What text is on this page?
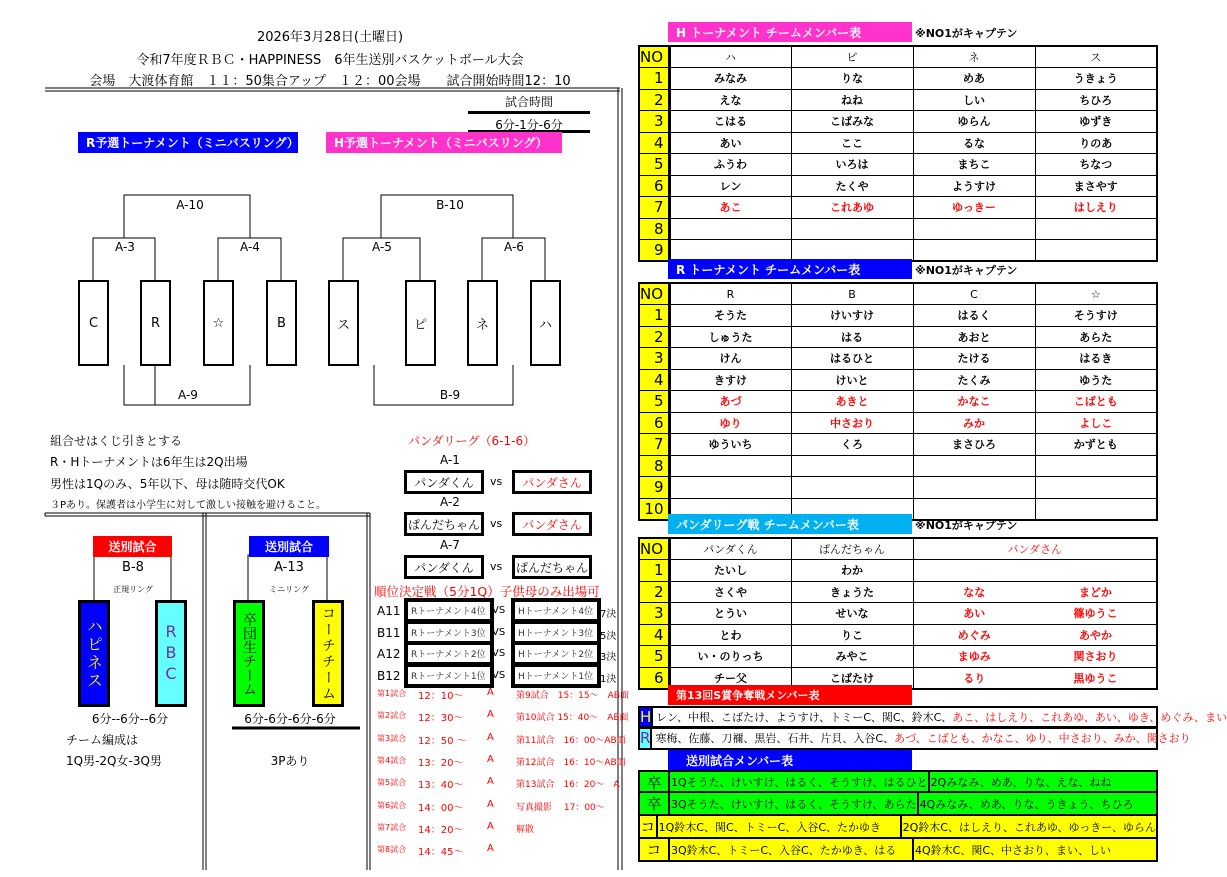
2026年3月28日(土曜日)
令和7年度ＲＢＣ・HAPPINESS　6年生送別バスケットボール大会
会場　大渡体育館　１１：50集合アップ　１２：00会場　　試合開始時間12：10
試合時間
6分-1分-6分
R予選トーナメント（ミニバスリング）
A-10
A-3	A-4
A-9
C	R	☆	B
H予選トーナメント（ミニバスリング）
B-10
A-5	A-6
B-9
ス	ピ	ネ	ハ
組合せはくじ引きとする
R・Hトーナメントは6年生は2Q出場
男性は1Qのみ、5年以下、母は随時交代OK
３Pあり。保護者は小学生に対して激しい接触を避けること。
送別試合
B-8
正規リング
ハピネス	RBC
6分--6分--6分
チーム編成は
1Q男-2Q女-3Q男
送別試合
A-13
ミニリング
卒団生チーム	コーチチーム
6分-6分-6分-6分
3Pあり
パンダリーグ（6-1-6）
A-1
パンダくん	vs	パンダさん
A-2
ぱんだちゃん vs	パンダさん
A-7
パンダくん	vs	ぱんだちゃん
順位決定戦（5分1Q）子供母のみ出場可
A11	Rトーナメント4位 VS	Hトーナメント4位 7決
B11	Rトーナメント3位 VS	Hトーナメント3位 5決
A12	Rトーナメント2位 VS	Hトーナメント2位 3決
B12	Rトーナメント1位 VS	Hトーナメント1位 1決
第1試合 12：10～ A
第2試合 12：30～ A
第3試合 12：50 ～ A
第4試合 13：20～ A
第5試合 13：40～ A
第6試合 14：00～ A
第7試合 14：20～ A
第8試合 14：45～ A
第9試合　15：15～　AB面
第10試合 15：40～　AB面
第11試合　16：00～AB面
第12試合　16：10～AB面
第13試合　16：20～　A
写真撮影　 17：00～
解散
H トーナメント チームメンバー表	※NO1がキャプテン
NO	ハ	ピ	ネ	ス
1	みなみ	りな	めあ	うきょう
2	えな	ねね	しい	ちひろ
3	こはる	こばみな	ゆらん	ゆずき
4	あい	ここ	るな	りのあ
5	ふうわ	いろは	まちこ	ちなつ
6	レン	たくや	ようすけ	まさやす
7	あこ	これあゆ	ゆっきー	はしえり
8				
9				
R トーナメント チームメンバー表	※NO1がキャプテン
NO	R	B	C	☆
1	そうた	けいすけ	はるく	そうすけ
2	しゅうた	はる	あおと	あらた
3	けん	はるひと	たける	はるき
4	きすけ	けいと	たくみ	ゆうた
5	あづ	あきと	かなこ	こばとも
6	ゆり	中さおり	みか	よしこ
7	ゆういち	くろ	まさひろ	かずとも
8				
9				
10				
パンダリーグ戦 チームメンバー表	※NO1がキャプテン
NO	パンダくん	ぱんだちゃん	パンダさん	
1	たいし	わか		
2	さくや	きょうた	なな	まどか
3	とうい	せいな	あい	篠ゆうこ
4	とわ	りこ	めぐみ	あやか
5	い・のりっち	みやこ	まゆみ	関さおり
6	チー父	こばたけ	るり	黒ゆうこ
第13回S賞争奪戦メンバー表
H レン、中根、こばたけ、ようすけ、トミーC、関C、鈴木C、 あこ、はしえり、これあゆ、あい、ゆき、めぐみ、まい
R 寒梅、佐藤、刀禰、黒岩、石井、片貝、入谷C、 あづ、こばとも、かなこ、ゆり、中さおり、みか、関さおり
送別試合メンバー表
卒 1Qそうた、けいすけ、はるく、そうすけ、はるひと 2Qみなみ、めあ、りな、えな、ねね
卒 3Qそうた、けいすけ、はるく、そうすけ、あらた 4Qみなみ、めあ、りな、うきょう、ちひろ
コ 1Q鈴木C、関C、トミーC、入谷C、たかゆき	2Q鈴木C、はしえり、これあゆ、ゆっきー、ゆらん
コ 3Q鈴木C、トミーC、入谷C、たかゆき、はる	4Q鈴木C、関C、中さおり、まい、しい
